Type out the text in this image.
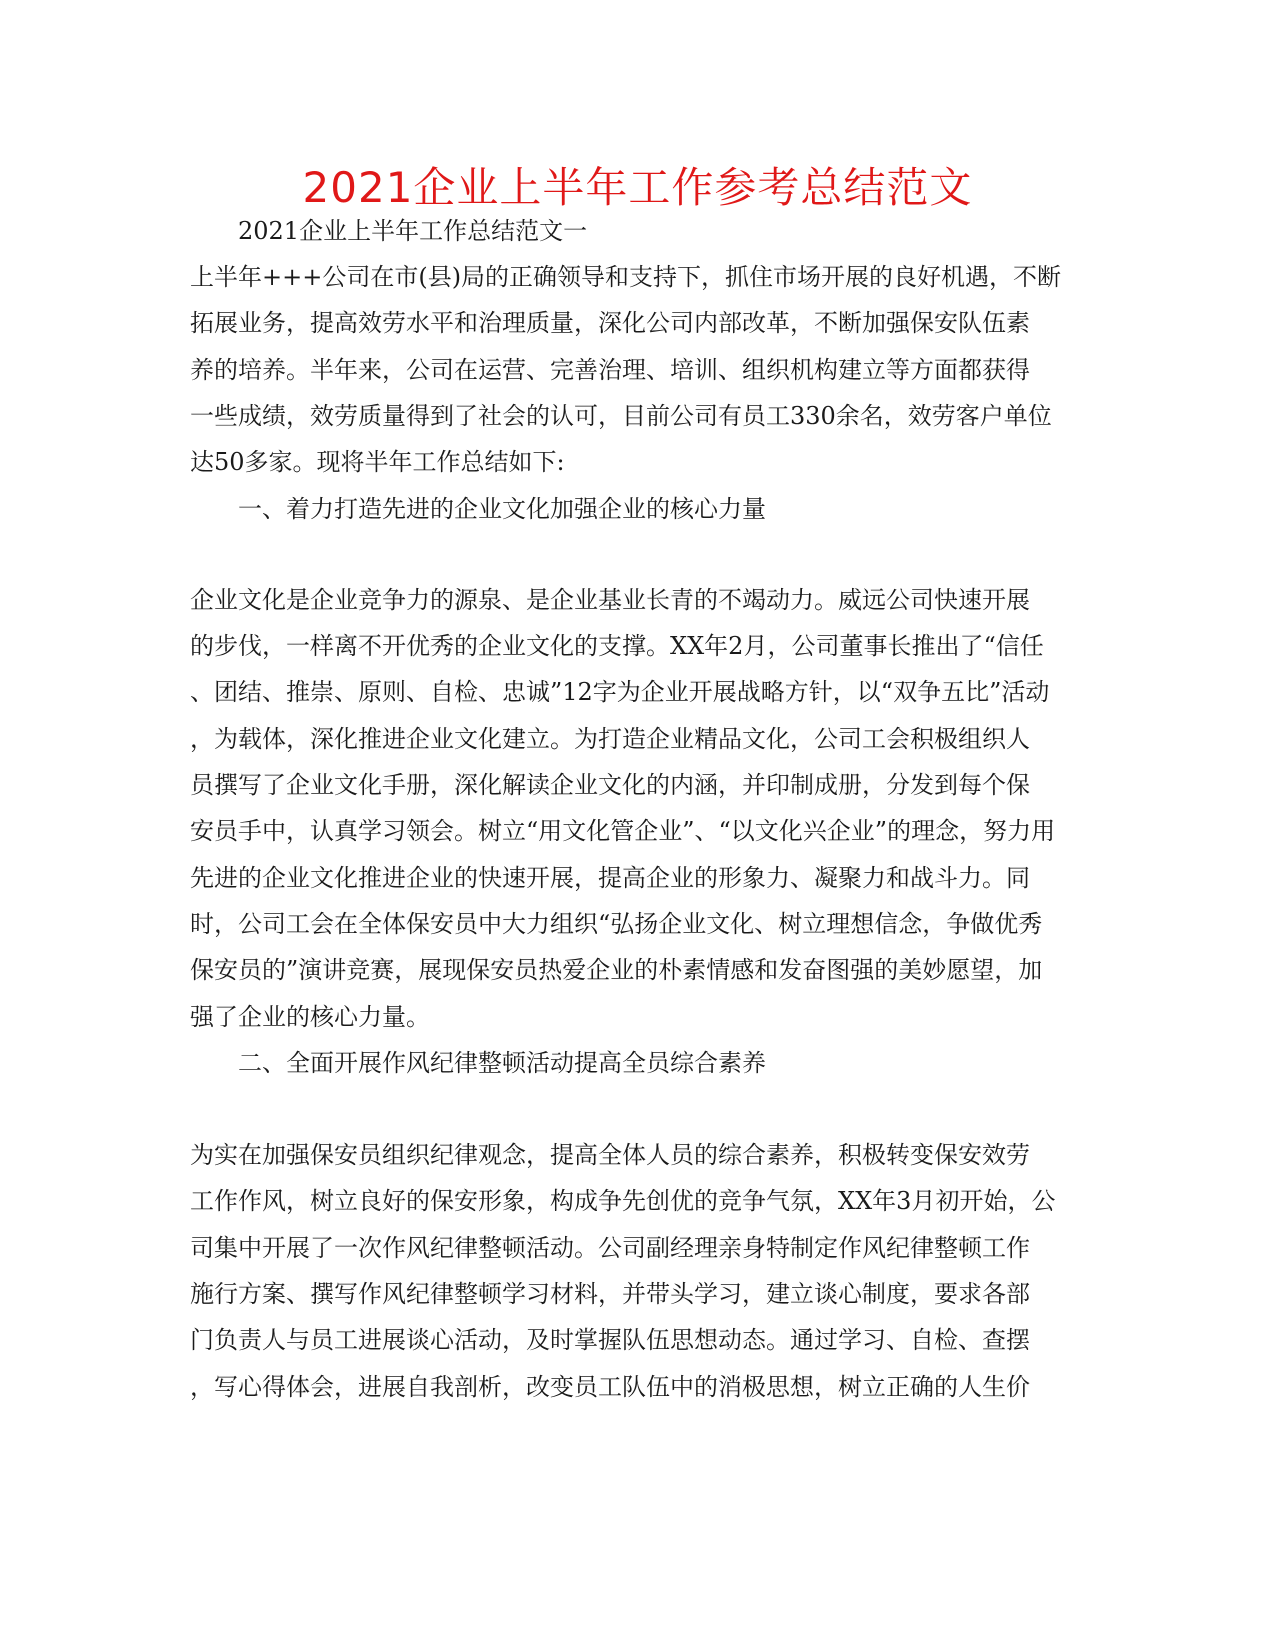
2021企业上半年工作参考总结范文

2021企业上半年工作总结范文一

上半年+++公司在市(县)局的正确领导和支持下，抓住市场开展的良好机遇，不断

拓展业务，提高效劳水平和治理质量，深化公司内部改革，不断加强保安队伍素

养的培养。半年来，公司在运营、完善治理、培训、组织机构建立等方面都获得

一些成绩，效劳质量得到了社会的认可，目前公司有员工330余名，效劳客户单位

达50多家。现将半年工作总结如下:

一、着力打造先进的企业文化加强企业的核心力量

企业文化是企业竞争力的源泉、是企业基业长青的不竭动力。威远公司快速开展

的步伐，一样离不开优秀的企业文化的支撑。XX年2月，公司董事长推出了“信任

、团结、推崇、原则、自检、忠诚”12字为企业开展战略方针，以“双争五比”活动

，为载体，深化推进企业文化建立。为打造企业精品文化，公司工会积极组织人

员撰写了企业文化手册，深化解读企业文化的内涵，并印制成册，分发到每个保

安员手中，认真学习领会。树立“用文化管企业”、“以文化兴企业”的理念，努力用

先进的企业文化推进企业的快速开展，提高企业的形象力、凝聚力和战斗力。同

时，公司工会在全体保安员中大力组织“弘扬企业文化、树立理想信念，争做优秀

保安员的”演讲竞赛，展现保安员热爱企业的朴素情感和发奋图强的美妙愿望，加

强了企业的核心力量。

二、全面开展作风纪律整顿活动提高全员综合素养

为实在加强保安员组织纪律观念，提高全体人员的综合素养，积极转变保安效劳

工作作风，树立良好的保安形象，构成争先创优的竞争气氛，XX年3月初开始，公

司集中开展了一次作风纪律整顿活动。公司副经理亲身特制定作风纪律整顿工作

施行方案、撰写作风纪律整顿学习材料，并带头学习，建立谈心制度，要求各部

门负责人与员工进展谈心活动，及时掌握队伍思想动态。通过学习、自检、查摆

，写心得体会，进展自我剖析，改变员工队伍中的消极思想，树立正确的人生价
